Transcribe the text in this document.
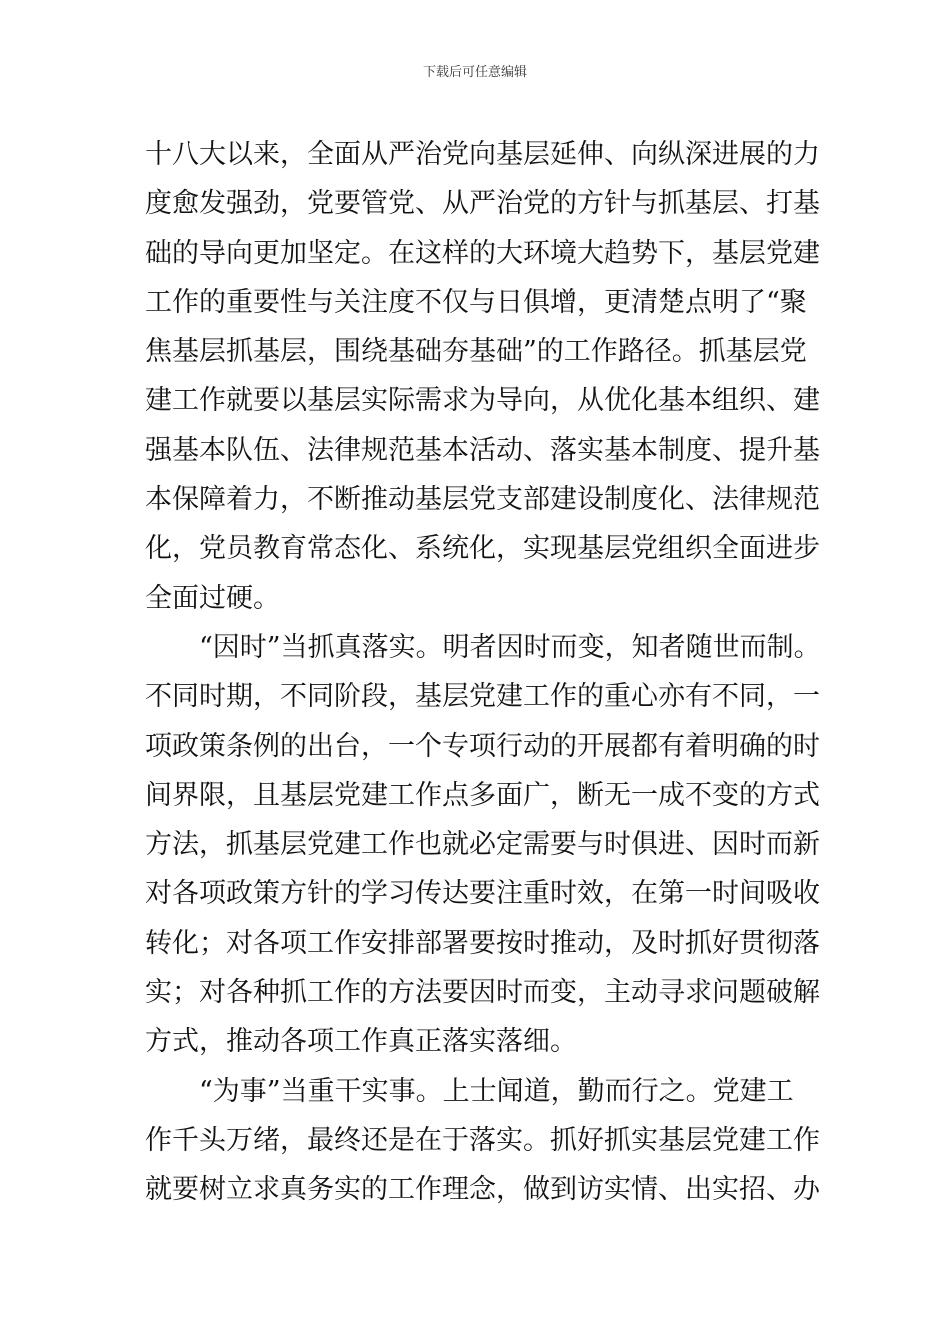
下载后可任意编辑
十八大以来，全面从严治党向基层延伸、向纵深进展的力
度愈发强劲，党要管党、从严治党的方针与抓基层、打基
础的导向更加坚定。在这样的大环境大趋势下，基层党建
工作的重要性与关注度不仅与日俱增，更清楚点明了“聚
焦基层抓基层，围绕基础夯基础”的工作路径。抓基层党
建工作就要以基层实际需求为导向，从优化基本组织、建
强基本队伍、法律规范基本活动、落实基本制度、提升基
本保障着力，不断推动基层党支部建设制度化、法律规范
化，党员教育常态化、系统化，实现基层党组织全面进步
全面过硬。
　　“因时”当抓真落实。明者因时而变，知者随世而制。
不同时期，不同阶段，基层党建工作的重心亦有不同，一
项政策条例的出台，一个专项行动的开展都有着明确的时
间界限，且基层党建工作点多面广，断无一成不变的方式
方法，抓基层党建工作也就必定需要与时俱进、因时而新
对各项政策方针的学习传达要注重时效，在第一时间吸收
转化；对各项工作安排部署要按时推动，及时抓好贯彻落
实；对各种抓工作的方法要因时而变，主动寻求问题破解
方式，推动各项工作真正落实落细。
　　“为事”当重干实事。上士闻道，勤而行之。党建工
作千头万绪，最终还是在于落实。抓好抓实基层党建工作
就要树立求真务实的工作理念，做到访实情、出实招、办
